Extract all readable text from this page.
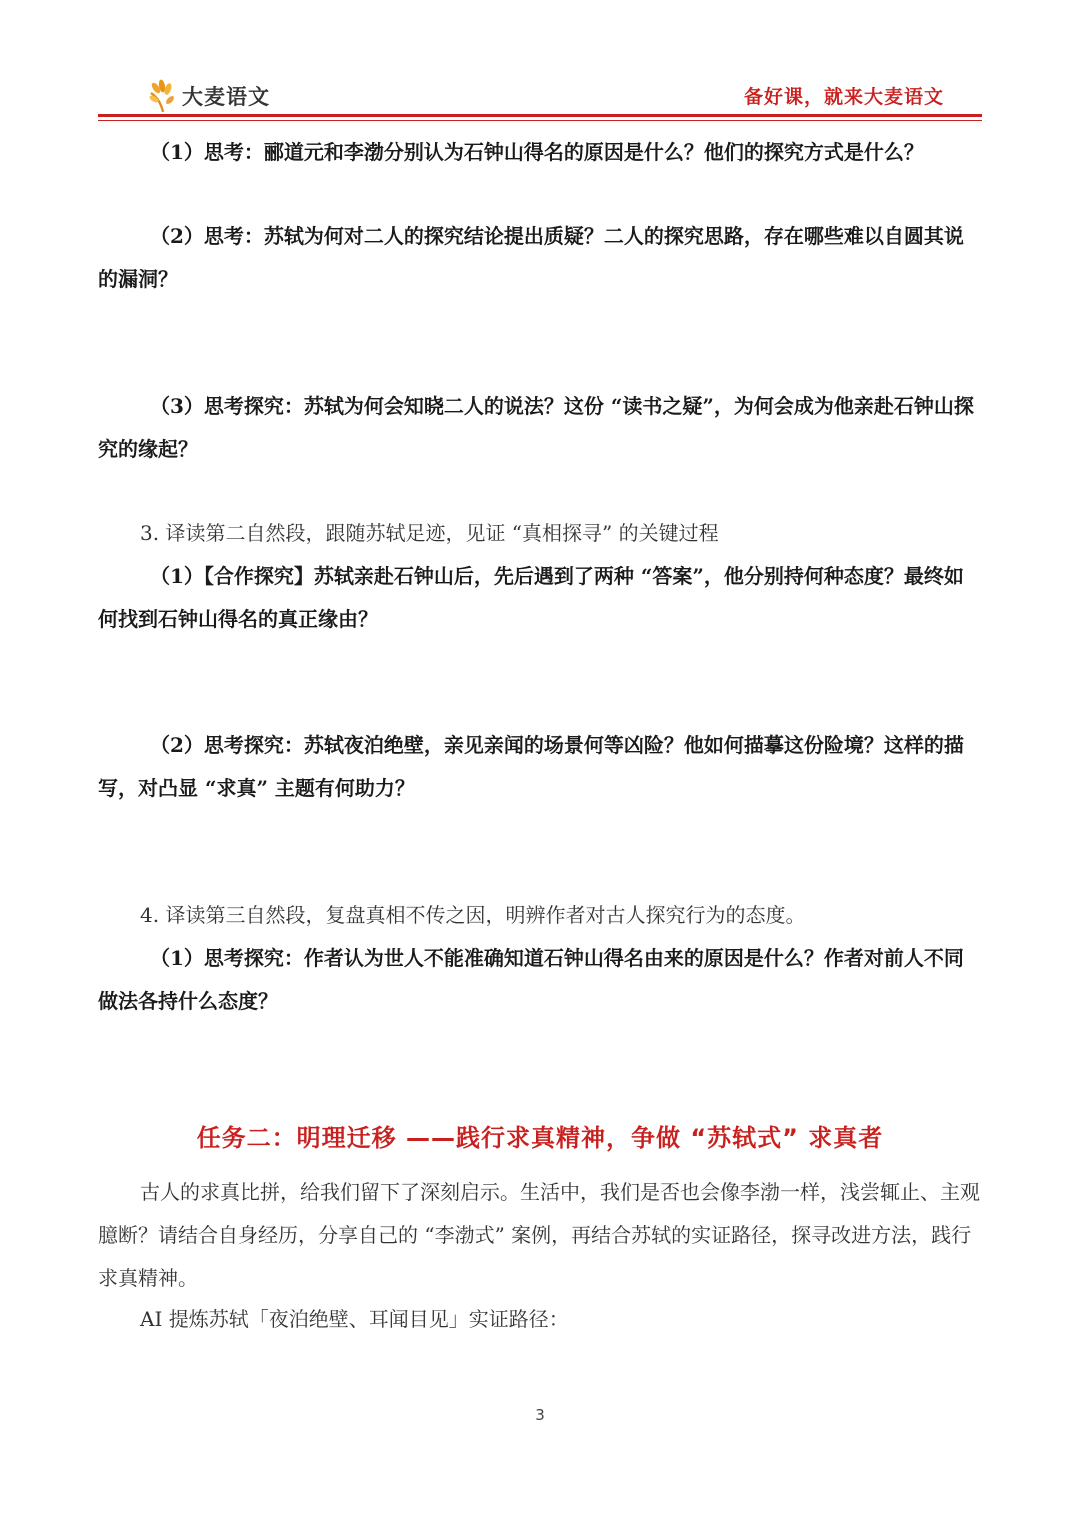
大麦语文	备好课，就来大麦语文

（1）思考：郦道元和李渤分别认为石钟山得名的原因是什么？他们的探究方式是什么？

（2）思考：苏轼为何对二人的探究结论提出质疑？二人的探究思路，存在哪些难以自圆其说的漏洞？

（3）思考探究：苏轼为何会知晓二人的说法？这份 “读书之疑”，为何会成为他亲赴石钟山探究的缘起？

3. 译读第二自然段，跟随苏轼足迹，见证 “真相探寻” 的关键过程

（1）【合作探究】苏轼亲赴石钟山后，先后遇到了两种 “答案”，他分别持何种态度？最终如何找到石钟山得名的真正缘由？

（2）思考探究：苏轼夜泊绝壁，亲见亲闻的场景何等凶险？他如何描摹这份险境？这样的描写，对凸显 “求真” 主题有何助力？

4. 译读第三自然段，复盘真相不传之因，明辨作者对古人探究行为的态度。

（1）思考探究：作者认为世人不能准确知道石钟山得名由来的原因是什么？作者对前人不同做法各持什么态度？

任务二：明理迁移 ——践行求真精神，争做 “苏轼式” 求真者

古人的求真比拼，给我们留下了深刻启示。生活中，我们是否也会像李渤一样，浅尝辄止、主观臆断？请结合自身经历，分享自己的 “李渤式” 案例，再结合苏轼的实证路径，探寻改进方法，践行求真精神。

AI 提炼苏轼「夜泊绝壁、耳闻目见」实证路径：

3
